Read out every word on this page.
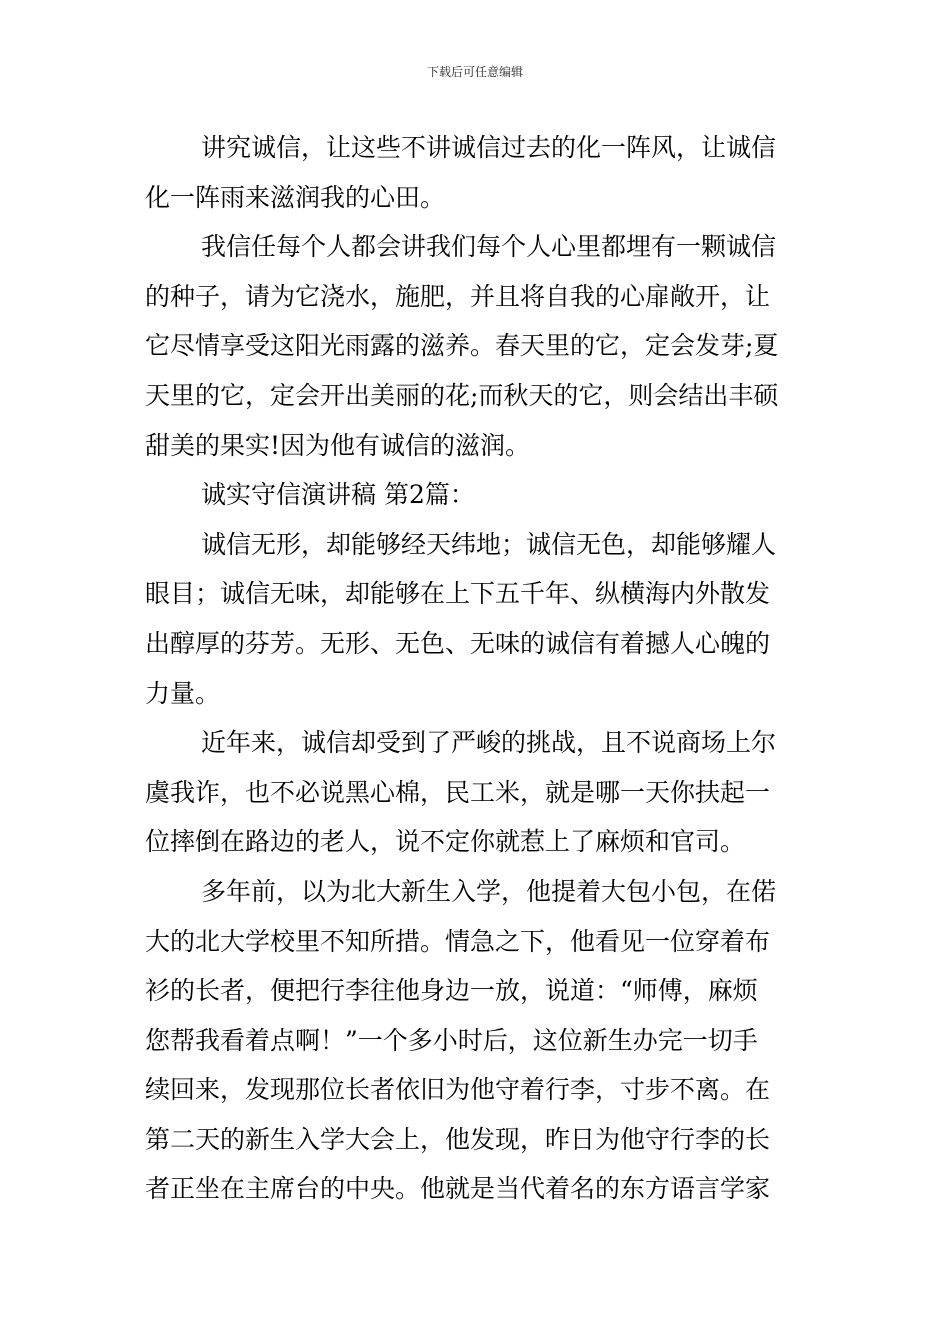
下载后可任意编辑
讲究诚信，让这些不讲诚信过去的化一阵风，让诚信
化一阵雨来滋润我的心田。
我信任每个人都会讲我们每个人心里都埋有一颗诚信
的种子，请为它浇水，施肥，并且将自我的心扉敞开，让
它尽情享受这阳光雨露的滋养。春天里的它，定会发芽;夏
天里的它，定会开出美丽的花;而秋天的它，则会结出丰硕
甜美的果实!因为他有诚信的滋润。
诚实守信演讲稿 第2篇：
诚信无形，却能够经天纬地；诚信无色，却能够耀人
眼目；诚信无味，却能够在上下五千年、纵横海内外散发
出醇厚的芬芳。无形、无色、无味的诚信有着撼人心魄的
力量。
近年来，诚信却受到了严峻的挑战，且不说商场上尔
虞我诈，也不必说黑心棉，民工米，就是哪一天你扶起一
位摔倒在路边的老人，说不定你就惹上了麻烦和官司。
多年前，以为北大新生入学，他提着大包小包，在偌
大的北大学校里不知所措。情急之下，他看见一位穿着布
衫的长者，便把行李往他身边一放，说道：“师傅，麻烦
您帮我看着点啊！”一个多小时后，这位新生办完一切手
续回来，发现那位长者依旧为他守着行李，寸步不离。在
第二天的新生入学大会上，他发现，昨日为他守行李的长
者正坐在主席台的中央。他就是当代着名的东方语言学家
